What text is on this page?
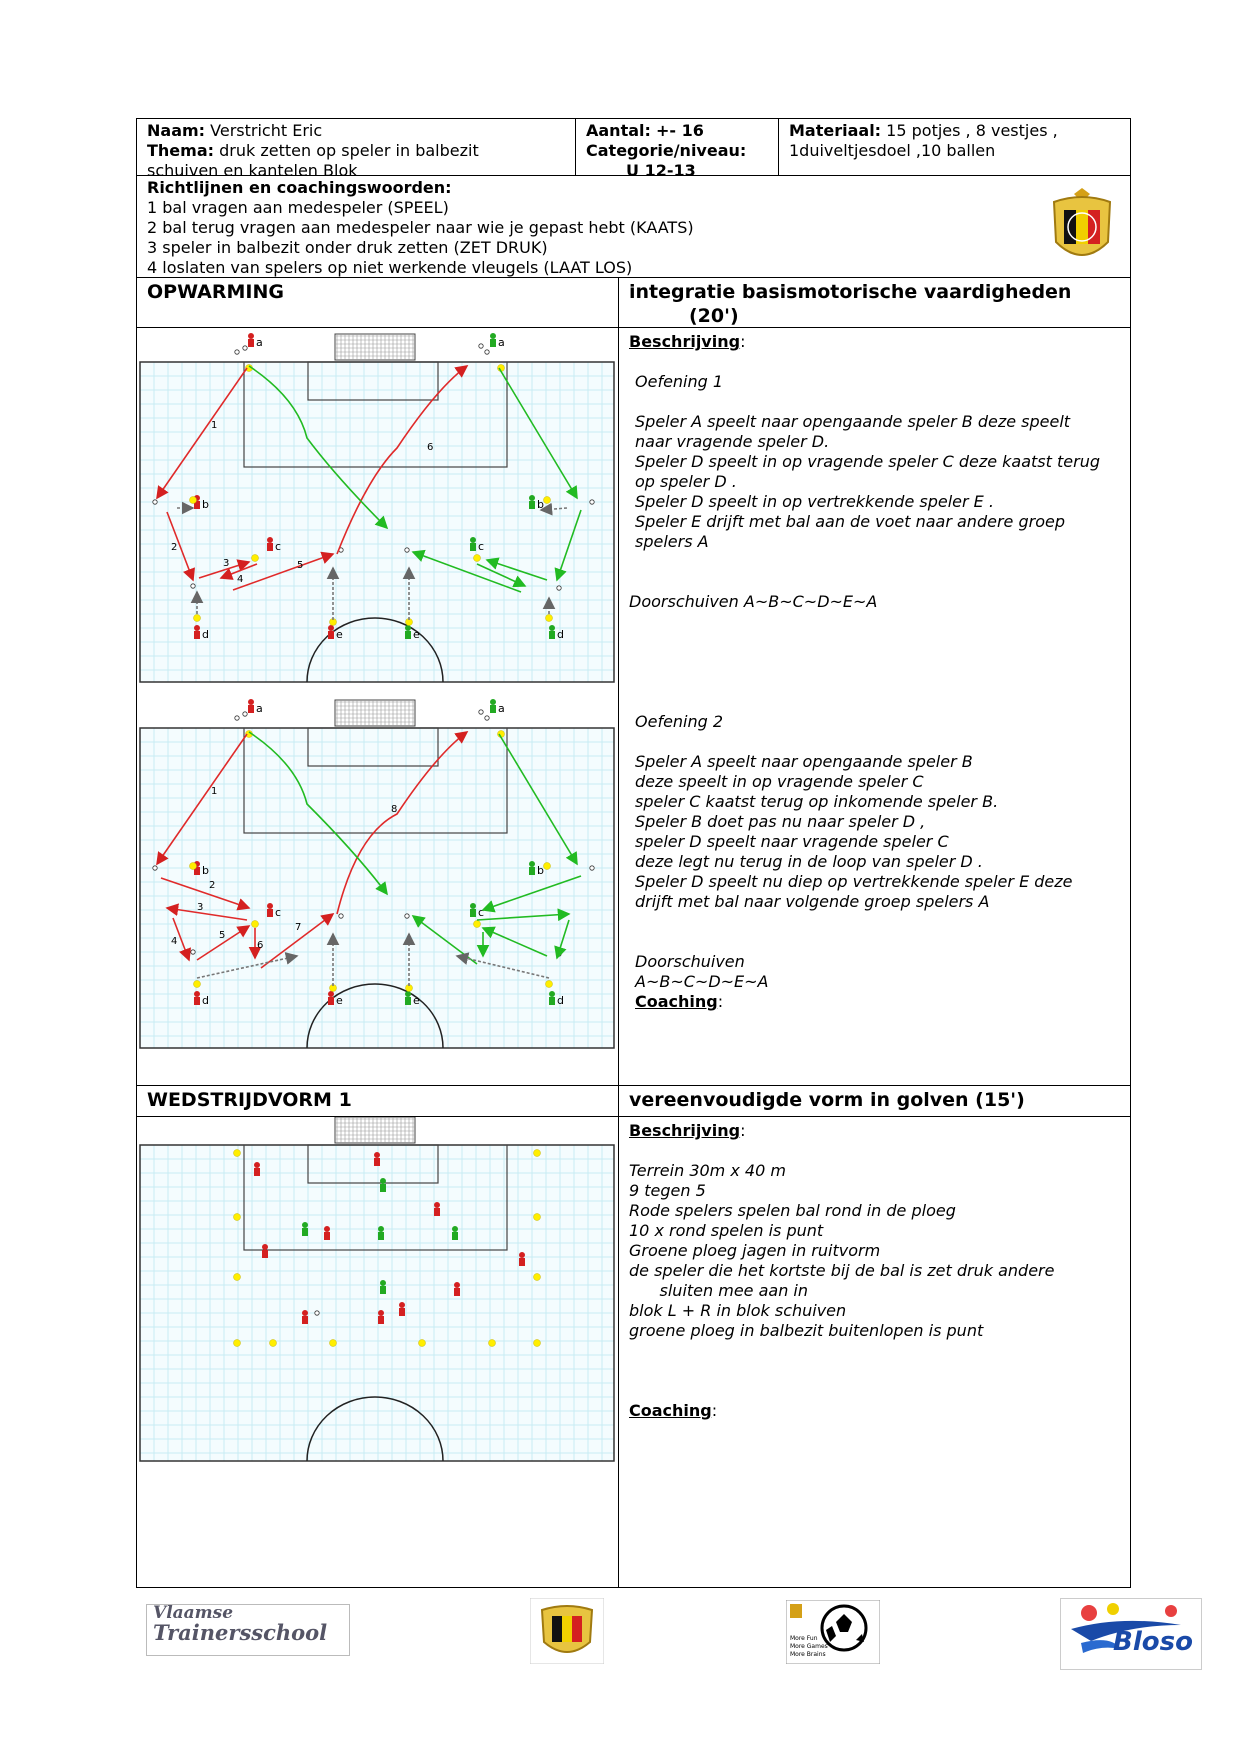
Naam: Verstricht Eric
Thema: druk zetten op speler in balbezit
schuiven en kantelen Blok
Aantal: +- 16
Categorie/niveau:
U 12-13
Materiaal: 15 potjes , 8 vestjes ,
1duiveltjesdoel ,10 ballen
Richtlijnen en coachingswoorden:
1 bal vragen aan medespeler (SPEEL)
2 bal terug vragen aan medespeler naar wie je gepast hebt (KAATS)
3 speler in balbezit onder druk zetten (ZET DRUK)
4 loslaten van spelers op niet werkende vleugels (LAAT LOS)
OPWARMING	integratie basismotorische vaardigheden
(20')
a	a
b	b
c	c
d	d
e	e
1
2
3
4
5
6
a	a
b	b
c	c
d	d
e	e
1
2
3
4
5
6
7
8

Beschrijving:

Oefening 1

Speler A speelt naar opengaande speler B deze speelt

naar vragende speler D.

Speler D speelt in op vragende speler C deze kaatst terug

op speler D .

Speler D speelt in op vertrekkende speler E .

Speler E drijft met bal aan de voet naar andere groep

spelers A

Doorschuiven A~B~C~D~E~A

Oefening 2

Speler A speelt naar opengaande speler B

deze speelt in op vragende speler C

speler C kaatst terug op inkomende speler B.

Speler B doet pas nu naar speler D ,

speler D speelt naar vragende speler C

deze legt nu terug in de loop van speler D .

Speler D speelt nu diep op vertrekkende speler E deze

drijft met bal naar volgende groep spelers A

Doorschuiven

A~B~C~D~E~A

Coaching:

WEDSTRIJDVORM 1	vereenvoudigde vorm in golven (15')

Beschrijving:

Terrein 30m x 40 m

9 tegen 5

Rode spelers spelen bal rond in de ploeg

10 x rond spelen is punt

Groene ploeg jagen in ruitvorm

de speler die het kortste bij de bal is zet druk andere

sluiten mee aan in

blok L + R in blok schuiven

groene ploeg in balbezit buitenlopen is punt

Coaching:

Vlaamse
Trainersschool	More Fun
More Games
More Brains	Bloso
